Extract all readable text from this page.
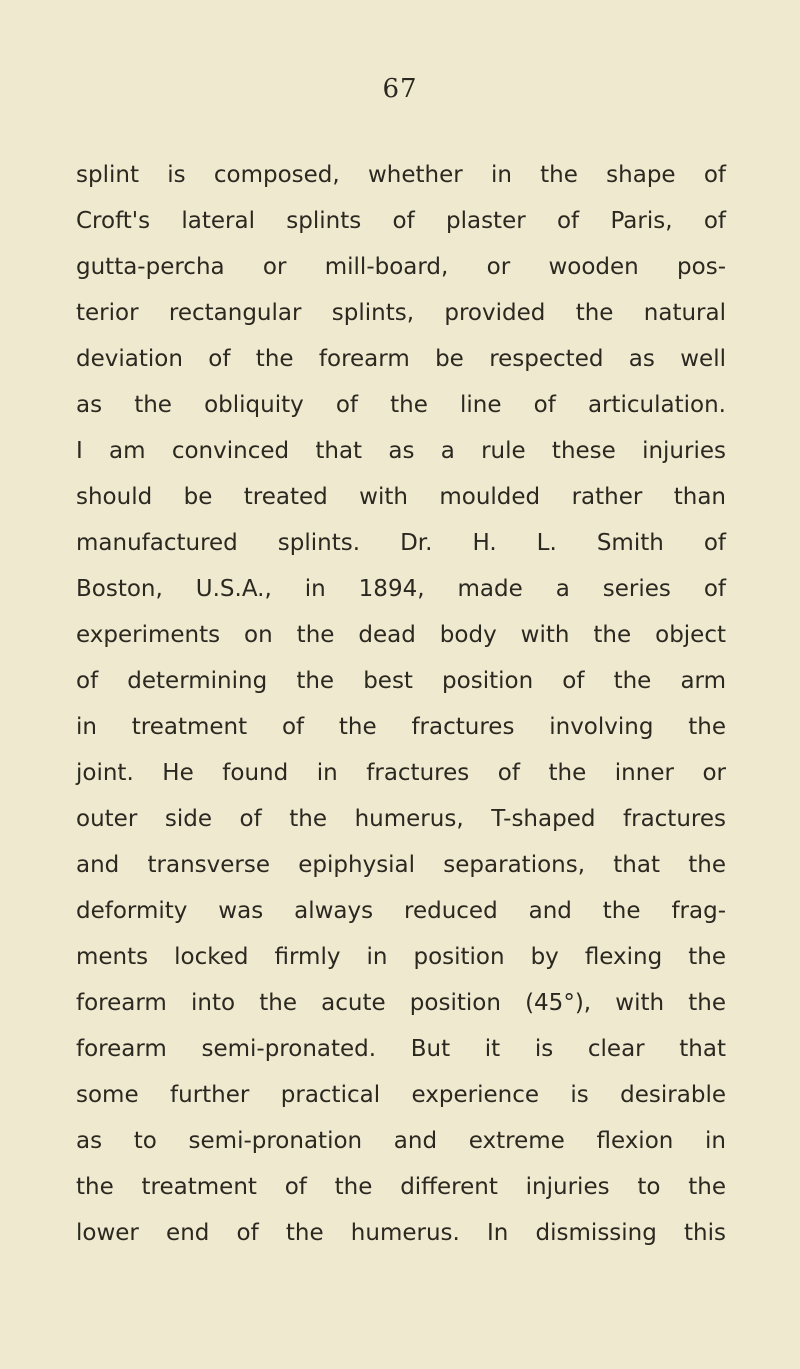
67
splint is composed, whether in the shape of
Croft's lateral splints of plaster of Paris, of
gutta-percha or mill-board, or wooden pos-
terior rectangular splints, provided the natural
deviation of the forearm be respected as well
as the obliquity of the line of articulation.
I am convinced that as a rule these injuries
should be treated with moulded rather than
manufactured splints. Dr. H. L. Smith of
Boston, U.S.A., in 1894, made a series of
experiments on the dead body with the object
of determining the best position of the arm
in treatment of the fractures involving the
joint. He found in fractures of the inner or
outer side of the humerus, T-shaped fractures
and transverse epiphysial separations, that the
deformity was always reduced and the frag-
ments locked firmly in position by flexing the
forearm into the acute position (45°), with the
forearm semi-pronated. But it is clear that
some further practical experience is desirable
as to semi-pronation and extreme flexion in
the treatment of the different injuries to the
lower end of the humerus. In dismissing this
